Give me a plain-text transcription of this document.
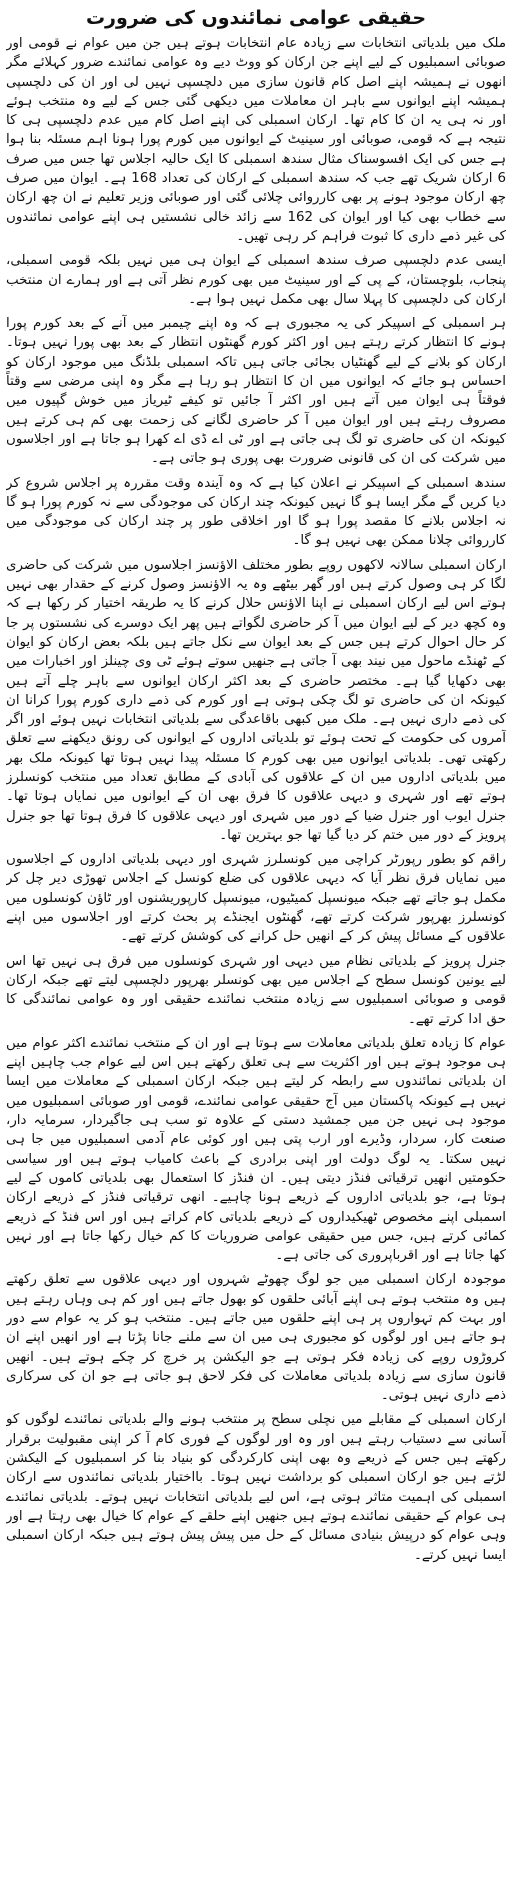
حقیقی عوامی نمائندوں کی ضرورت

ملک میں بلدیاتی انتخابات سے زیادہ عام انتخابات ہوتے ہیں جن میں عوام نے قومی اور صوبائی اسمبلیوں کے لیے اپنے جن ارکان کو ووٹ دیے وہ عوامی نمائندے ضرور کہلائے مگر انھوں نے ہمیشہ اپنے اصل کام قانون سازی میں دلچسپی نہیں لی اور ان کی دلچسپی ہمیشہ اپنے ایوانوں سے باہر ان معاملات میں دیکھی گئی جس کے لیے وہ منتخب ہوئے اور نہ ہی یہ ان کا کام تھا۔ ارکان اسمبلی کی اپنے اصل کام میں عدم دلچسپی ہی کا نتیجہ ہے کہ قومی، صوبائی اور سینیٹ کے ایوانوں میں کورم پورا ہونا اہم مسئلہ بنا ہوا ہے جس کی ایک افسوسناک مثال سندھ اسمبلی کا ایک حالیہ اجلاس تھا جس میں صرف 6 ارکان شریک تھے جب کہ سندھ اسمبلی کے ارکان کی تعداد 168 ہے۔ ایوان میں صرف چھ ارکان موجود ہونے پر بھی کارروائی چلائی گئی اور صوبائی وزیر تعلیم نے ان چھ ارکان سے خطاب بھی کیا اور ایوان کی 162 سے زائد خالی نشستیں ہی اپنے عوامی نمائندوں کی غیر ذمے داری کا ثبوت فراہم کر رہی تھیں۔

ایسی عدم دلچسپی صرف سندھ اسمبلی کے ایوان ہی میں نہیں بلکہ قومی اسمبلی، پنجاب، بلوچستان، کے پی کے اور سینیٹ میں بھی کورم نظر آتی ہے اور ہمارے ان منتخب ارکان کی دلچسپی کا پہلا سال بھی مکمل نہیں ہوا ہے۔

ہر اسمبلی کے اسپیکر کی یہ مجبوری ہے کہ وہ اپنے چیمبر میں آنے کے بعد کورم پورا ہونے کا انتظار کرتے رہتے ہیں اور اکثر کورم گھنٹوں انتظار کے بعد بھی پورا نہیں ہوتا۔ ارکان کو بلانے کے لیے گھنٹیاں بجائی جاتی ہیں تاکہ اسمبلی بلڈنگ میں موجود ارکان کو احساس ہو جائے کہ ایوانوں میں ان کا انتظار ہو رہا ہے مگر وہ اپنی مرضی سے وقتاً فوقتاً ہی ایوان میں آتے ہیں اور اکثر آ جائیں تو کیفے ٹیریاز میں خوش گپیوں میں مصروف رہتے ہیں اور ایوان میں آ کر حاضری لگانے کی زحمت بھی کم ہی کرتے ہیں کیونکہ ان کی حاضری تو لگ ہی جاتی ہے اور ٹی اے ڈی اے کھرا ہو جاتا ہے اور اجلاسوں میں شرکت کی ان کی قانونی ضرورت بھی پوری ہو جاتی ہے۔

سندھ اسمبلی کے اسپیکر نے اعلان کیا ہے کہ وہ آیندہ وقت مقررہ پر اجلاس شروع کر دیا کریں گے مگر ایسا ہو گا نہیں کیونکہ چند ارکان کی موجودگی سے نہ کورم پورا ہو گا نہ اجلاس بلانے کا مقصد پورا ہو گا اور اخلاقی طور پر چند ارکان کی موجودگی میں کارروائی چلانا ممکن بھی نہیں ہو گا۔

ارکان اسمبلی سالانہ لاکھوں روپے بطور مختلف الاؤنسز اجلاسوں میں شرکت کی حاضری لگا کر ہی وصول کرتے ہیں اور گھر بیٹھے وہ یہ الاؤنسز وصول کرنے کے حقدار بھی نہیں ہوتے اس لیے ارکان اسمبلی نے اپنا الاؤنس حلال کرنے کا یہ طریقہ اختیار کر رکھا ہے کہ وہ کچھ دیر کے لیے ایوان میں آ کر حاضری لگواتے ہیں پھر ایک دوسرے کی نشستوں پر جا کر حال احوال کرتے ہیں جس کے بعد ایوان سے نکل جاتے ہیں بلکہ بعض ارکان کو ایوان کے ٹھنڈے ماحول میں نیند بھی آ جاتی ہے جنھیں سوتے ہوئے ٹی وی چینلز اور اخبارات میں بھی دکھایا گیا ہے۔ مختصر حاضری کے بعد اکثر ارکان ایوانوں سے باہر چلے آتے ہیں کیونکہ ان کی حاضری تو لگ چکی ہوتی ہے اور کورم کی ذمے داری کورم پورا کرانا ان کی ذمے داری نہیں ہے۔ ملک میں کبھی باقاعدگی سے بلدیاتی انتخابات نہیں ہوئے اور اگر آمروں کی حکومت کے تحت ہوئے تو بلدیاتی اداروں کے ایوانوں کی رونق دیکھنے سے تعلق رکھتی تھی۔ بلدیاتی ایوانوں میں بھی کورم کا مسئلہ پیدا نہیں ہوتا تھا کیونکہ ملک بھر میں بلدیاتی اداروں میں ان کے علاقوں کی آبادی کے مطابق تعداد میں منتخب کونسلرز ہوتے تھے اور شہری و دیہی علاقوں کا فرق بھی ان کے ایوانوں میں نمایاں ہوتا تھا۔ جنرل ایوب اور جنرل ضیا کے دور میں شہری اور دیہی علاقوں کا فرق ہوتا تھا جو جنرل پرویز کے دور میں ختم کر دیا گیا تھا جو بہترین تھا۔

راقم کو بطور رپورٹر کراچی میں کونسلرز شہری اور دیہی بلدیاتی اداروں کے اجلاسوں میں نمایاں فرق نظر آیا کہ دیہی علاقوں کی ضلع کونسل کے اجلاس تھوڑی دیر چل کر مکمل ہو جاتے تھے جبکہ میونسپل کمیٹیوں، میونسپل کارپوریشنوں اور ٹاؤن کونسلوں میں کونسلرز بھرپور شرکت کرتے تھے، گھنٹوں ایجنڈے پر بحث کرتے اور اجلاسوں میں اپنے علاقوں کے مسائل پیش کر کے انھیں حل کرانے کی کوشش کرتے تھے۔

جنرل پرویز کے بلدیاتی نظام میں دیہی اور شہری کونسلوں میں فرق ہی نہیں تھا اس لیے یونین کونسل سطح کے اجلاس میں بھی کونسلر بھرپور دلچسپی لیتے تھے جبکہ ارکان قومی و صوبائی اسمبلیوں سے زیادہ منتخب نمائندے حقیقی اور وہ عوامی نمائندگی کا حق ادا کرتے تھے۔

عوام کا زیادہ تعلق بلدیاتی معاملات سے ہوتا ہے اور ان کے منتخب نمائندے اکثر عوام میں ہی موجود ہوتے ہیں اور اکثریت سے ہی تعلق رکھتے ہیں اس لیے عوام جب چاہیں اپنے ان بلدیاتی نمائندوں سے رابطہ کر لیتے ہیں جبکہ ارکان اسمبلی کے معاملات میں ایسا نہیں ہے کیونکہ پاکستان میں آج حقیقی عوامی نمائندے، قومی اور صوبائی اسمبلیوں میں موجود ہی نہیں جن میں جمشید دستی کے علاوہ تو سب ہی جاگیردار، سرمایہ دار، صنعت کار، سردار، وڈیرے اور ارب پتی ہیں اور کوئی عام آدمی اسمبلیوں میں جا ہی نہیں سکتا۔ یہ لوگ دولت اور اپنی برادری کے باعث کامیاب ہوتے ہیں اور سیاسی حکومتیں انھیں ترقیاتی فنڈز دیتی ہیں۔ ان فنڈز کا استعمال بھی بلدیاتی کاموں کے لیے ہوتا ہے، جو بلدیاتی اداروں کے ذریعے ہونا چاہیے۔ انھی ترقیاتی فنڈز کے ذریعے ارکان اسمبلی اپنے مخصوص ٹھیکیداروں کے ذریعے بلدیاتی کام کراتے ہیں اور اس فنڈ کے ذریعے کمائی کرتے ہیں، جس میں حقیقی عوامی ضروریات کا کم خیال رکھا جاتا ہے اور نہیں کھا جاتا ہے اور اقرباپروری کی جاتی ہے۔

موجودہ ارکان اسمبلی میں جو لوگ چھوٹے شہروں اور دیہی علاقوں سے تعلق رکھتے ہیں وہ منتخب ہوتے ہی اپنے آبائی حلقوں کو بھول جاتے ہیں اور کم ہی وہاں رہتے ہیں اور بہت کم تہواروں پر ہی اپنے حلقوں میں جاتے ہیں۔ منتخب ہو کر یہ عوام سے دور ہو جاتے ہیں اور لوگوں کو مجبوری ہی میں ان سے ملنے جانا پڑتا ہے اور انھیں اپنے ان کروڑوں روپے کی زیادہ فکر ہوتی ہے جو الیکشن پر خرچ کر چکے ہوتے ہیں۔ انھیں قانون سازی سے زیادہ بلدیاتی معاملات کی فکر لاحق ہو جاتی ہے جو ان کی سرکاری ذمے داری نہیں ہوتی۔

ارکان اسمبلی کے مقابلے میں نچلی سطح پر منتخب ہونے والے بلدیاتی نمائندے لوگوں کو آسانی سے دستیاب رہتے ہیں اور وہ اور لوگوں کے فوری کام آ کر اپنی مقبولیت برقرار رکھتے ہیں جس کے ذریعے وہ بھی اپنی کارکردگی کو بنیاد بنا کر اسمبلیوں کے الیکشن لڑتے ہیں جو ارکان اسمبلی کو برداشت نہیں ہوتا۔ بااختیار بلدیاتی نمائندوں سے ارکان اسمبلی کی اہمیت متاثر ہوتی ہے، اس لیے بلدیاتی انتخابات نہیں ہوتے۔ بلدیاتی نمائندے ہی عوام کے حقیقی نمائندے ہوتے ہیں جنھیں اپنے حلقے کے عوام کا خیال بھی رہتا ہے اور وہی عوام کو درپیش بنیادی مسائل کے حل میں پیش پیش ہوتے ہیں جبکہ ارکان اسمبلی ایسا نہیں کرتے۔
